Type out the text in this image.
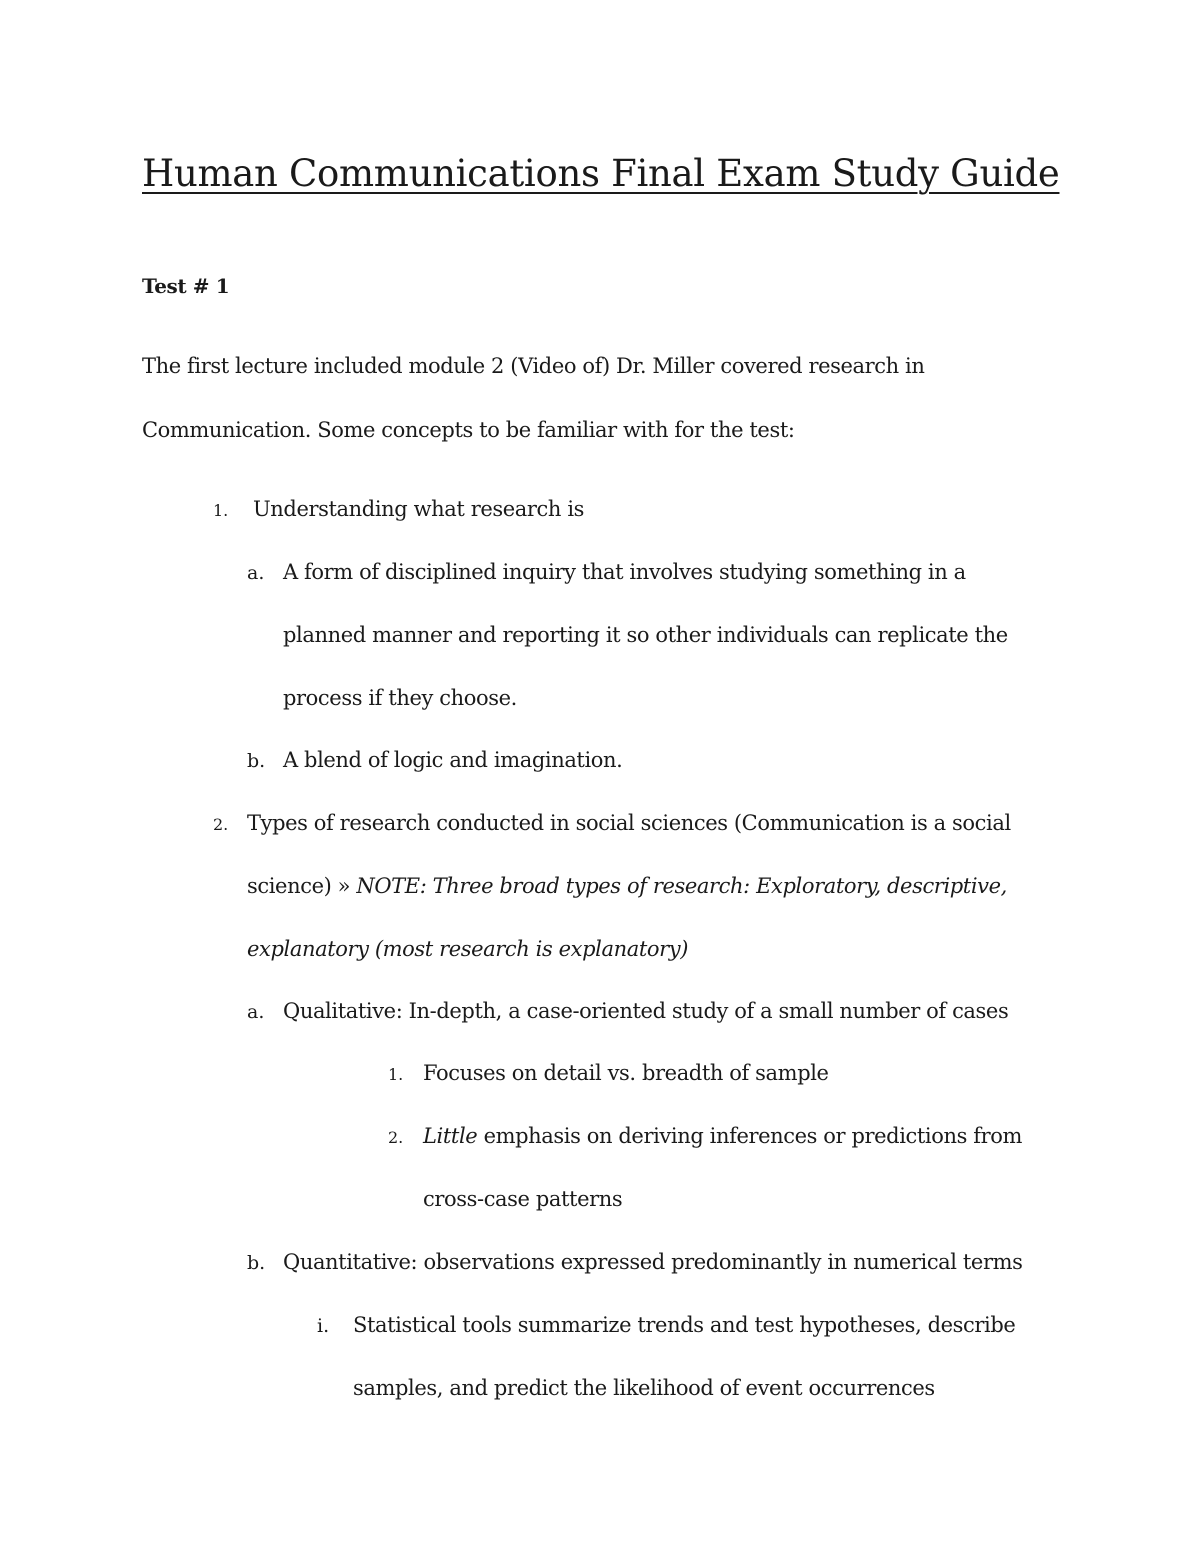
Human Communications Final Exam Study Guide

Test # 1

The first lecture included module 2 (Video of) Dr. Miller covered research in

Communication. Some concepts to be familiar with for the test:

1. Understanding what research is

a. A form of disciplined inquiry that involves studying something in a

planned manner and reporting it so other individuals can replicate the

process if they choose.

b. A blend of logic and imagination.

2. Types of research conducted in social sciences (Communication is a social

science) » NOTE: Three broad types of research: Exploratory, descriptive,

explanatory (most research is explanatory)

a. Qualitative: In-depth, a case-oriented study of a small number of cases

1. Focuses on detail vs. breadth of sample

2. Little emphasis on deriving inferences or predictions from

cross-case patterns

b. Quantitative: observations expressed predominantly in numerical terms

i. Statistical tools summarize trends and test hypotheses, describe

samples, and predict the likelihood of event occurrences
